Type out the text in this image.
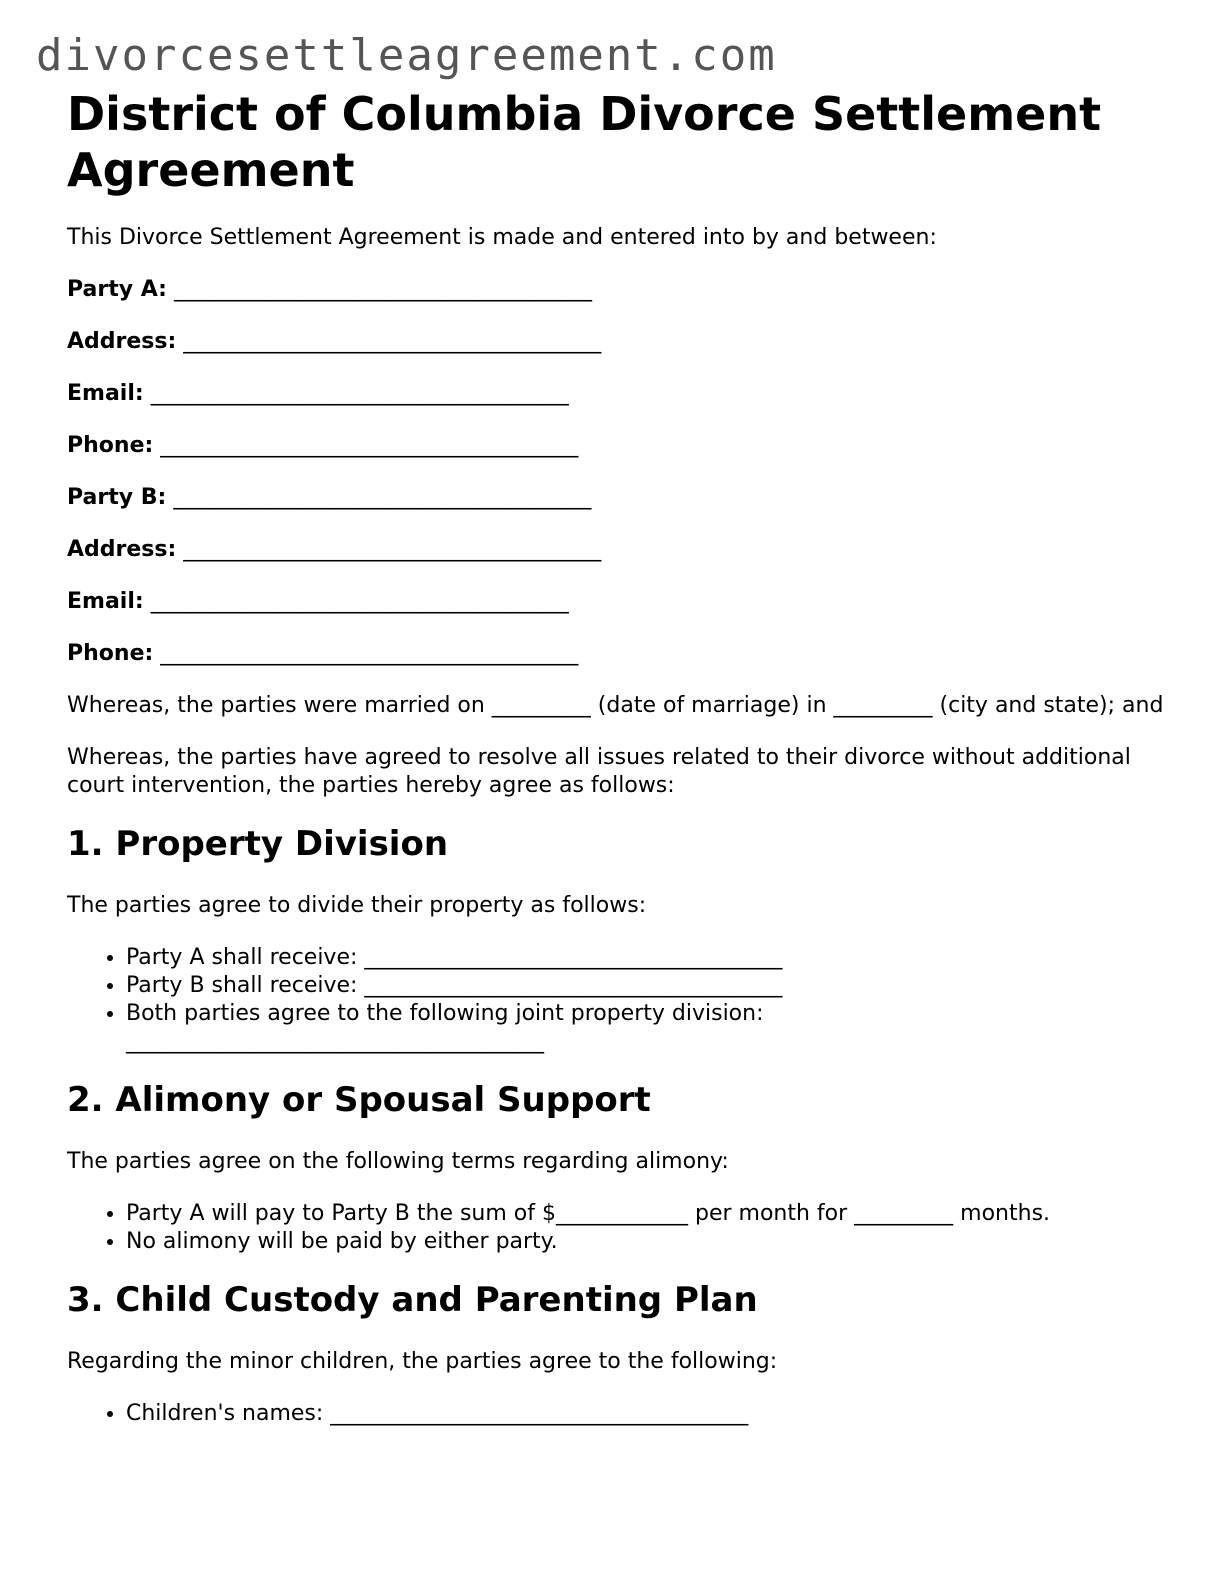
divorcesettleagreement.com
District of Columbia Divorce Settlement Agreement

This Divorce Settlement Agreement is made and entered into by and between:

Party A: ______________________________________
Address: ______________________________________
Email: ______________________________________
Phone: ______________________________________
Party B: ______________________________________
Address: ______________________________________
Email: ______________________________________
Phone: ______________________________________

Whereas, the parties were married on _________ (date of marriage) in _________ (city and state); and

Whereas, the parties have agreed to resolve all issues related to their divorce without additional court intervention, the parties hereby agree as follows:

1. Property Division

The parties agree to divide their property as follows:

• Party A shall receive: ______________________________________
• Party B shall receive: ______________________________________
• Both parties agree to the following joint property division: ______________________________________
2. Alimony or Spousal Support

The parties agree on the following terms regarding alimony:

• Party A will pay to Party B the sum of $____________ per month for _________ months.
• No alimony will be paid by either party.
3. Child Custody and Parenting Plan

Regarding the minor children, the parties agree to the following:

• Children's names: ______________________________________
